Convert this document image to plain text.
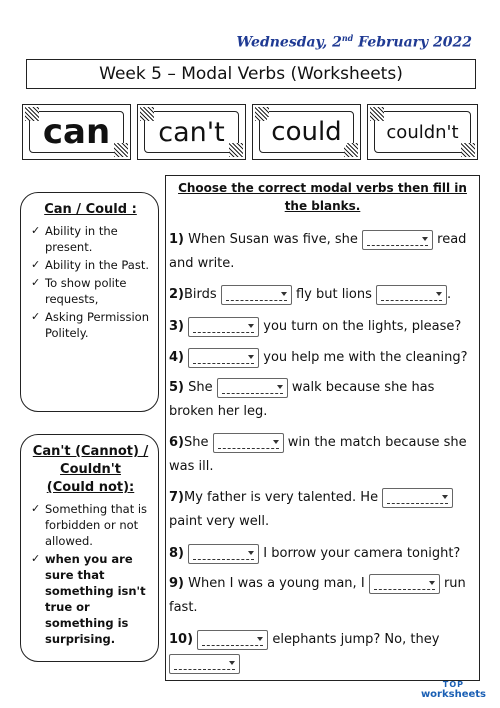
Wednesday, 2nd February 2022
Week 5 – Modal Verbs (Worksheets)
can can't could couldn't
Can / Could :
✓ Ability in the present.
✓ Ability in the Past.
✓ To show polite requests,
✓ Asking Permission Politely.
Can't (Cannot) /
Couldn't
(Could not):
✓ Something that is forbidden or not allowed.
✓ when you are sure that something isn't true or something is surprising.
Choose the correct modal verbs then fill in the blanks.
1) When Susan was five, she	read and write.
2)Birds	fly but lions	.
3)	you turn on the lights, please?
4)	you help me with the cleaning?
5) She	walk because she has broken her leg.
6)She	win the match because she was ill.
7)My father is very talented. He
paint very well.
8)	I borrow your camera tonight?
9) When I was a young man, I	run fast.
10)	elephants jump? No, they
TOP
worksheets
